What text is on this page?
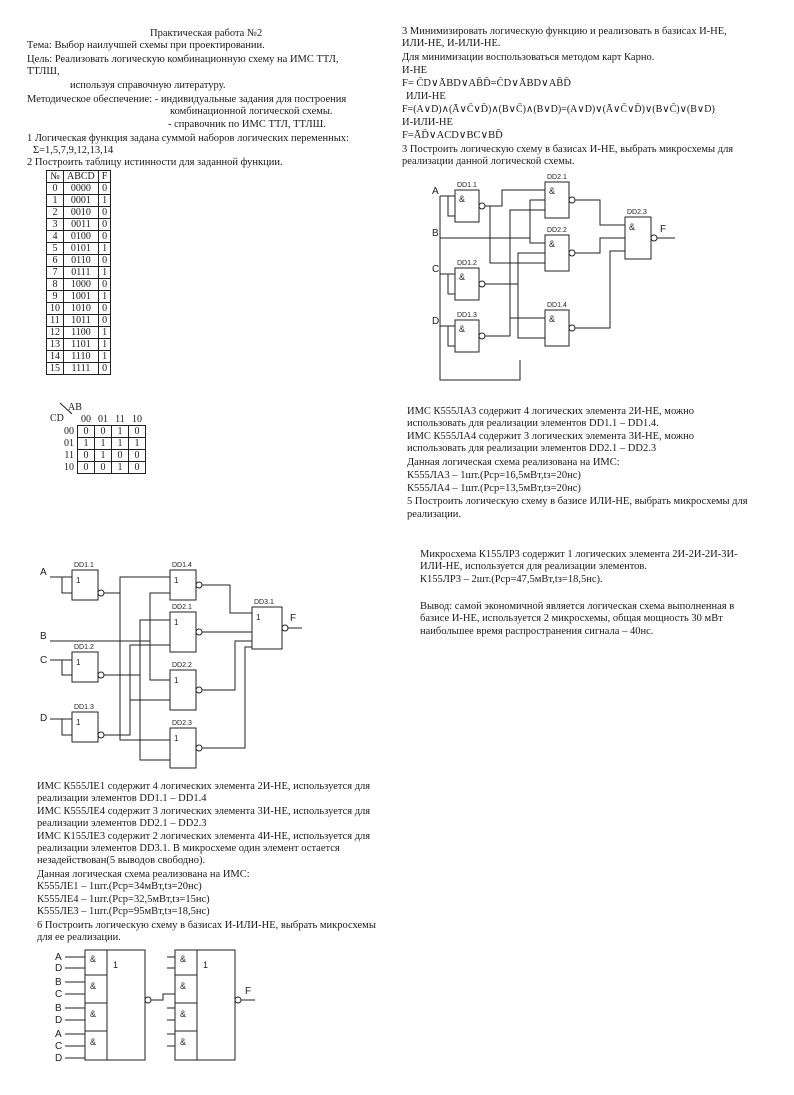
Практическая работа №2
Тема: Выбор наилучшей схемы при проектировании.
Цель: Реализовать логическую комбинационную схему на ИМС ТТЛ,
ТТЛШ,
используя справочную литературу.
Методическое обеспечение: - индивидуальные задания для построения
комбинационной логической схемы.
- справочник по ИМС ТТЛ, ТТЛШ.
1 Логическая функция задана суммой наборов логических переменных:
Σ=1,5,7,9,12,13,14
2 Построить таблицу истинности для заданной функции.
№	ABCD	F
0	0000	0
1	0001	1
2	0010	0
3	0011	0
4	0100	0
5	0101	1
6	0110	0
7	0111	1
8	1000	0
9	1001	1
10	1010	0
11	1011	0
12	1100	1
13	1101	1
14	1110	1
15	1111	0
AB
CD
	00	01	11	10
00	0	0	1	0
01	1	1	1	1
11	0	1	0	0
10	0	0	1	0
DD1.1	DD1.4
DD2.1
DD3.1
DD1.2
DD2.2
DD1.3
DD2.3
1	1
1
1
1
1
1
1
A
B
C
D
F
ИМС К555ЛЕ1 содержит 4 логических элемента 2И-НЕ, используется для
реализации элементов DD1.1 – DD1.4
ИМС К555ЛЕ4 содержит 3 логических элемента 3И-НЕ, используется для
реализации элементов DD2.1 – DD2.3
ИМС К155ЛЕ3 содержит 2 логических элемента 4И-НЕ, используется для
реализации элементов DD3.1. В микросхеме один элемент остается
незадействован(5 выводов свободно).
Данная логическая схема реализована на ИМС:
К555ЛЕ1 – 1шт.(Pср=34мВт,tз=20нс)
К555ЛЕ4 – 1шт.(Pср=32,5мВт,tз=15нс)
К555ЛЕ3 – 1шт.(Pср=95мВт,tз=18,5нс)
6 Построить логическую схему в базисах И-ИЛИ-НЕ, выбрать микросхемы
для ее реализации.
A
D
B
C
B
D
A
C
D
F
&
&
&
&
1
&
&
&
&
1
3 Минимизировать логическую функцию и реализовать в базисах И-НЕ,
ИЛИ-НЕ, И-ИЛИ-НЕ.
Для минимизации воспользоваться методом карт Карно.
И-НЕ
F= C̄D∨ĀBD∨AB̄D̄=C̄D∨ĀBD∨AB̄D̄
ИЛИ-НЕ
F=(A∨D)∧(Ā∨C̄∨D̄)∧(B∨C̄)∧(B∨D)=(A∨D)∨(Ā∨C̄∨D̄)∨(B∨C̄)∨(B∨D)
И-ИЛИ-НЕ
F=ĀD̄∨ACD∨BC∨BD̄
3 Построить логическую схему в базисах И-НЕ, выбрать микросхемы для
реализации данной логической схемы.
DD1.1
DD2.1
DD2.2
DD2.3
DD1.2
DD1.3
DD1.4
&
&
&
&
&
&
&
A
B
C
D
F
ИМС К555ЛА3 содержит 4 логических элемента 2И-НЕ, можно
использовать для реализации элементов DD1.1 – DD1.4.
ИМС К555ЛА4 содержит 3 логических элемента 3И-НЕ, можно
использовать для реализации элементов DD2.1 – DD2.3
Данная логическая схема реализована на ИМС:
К555ЛА3 – 1шт.(Pср=16,5мВт,tз=20нс)
К555ЛА4 – 1шт.(Pср=13,5мВт,tз=20нс)
5 Построить логическую схему в базисе ИЛИ-НЕ, выбрать микросхемы для
реализации.
Микросхема К155ЛР3 содержит 1 логических элемента 2И-2И-2И-3И-
ИЛИ-НЕ, используется для реализации элементов.
К155ЛР3 – 2шт.(Pср=47,5мВт,tз=18,5нс).
Вывод: самой экономичной является логическая схема выполненная в
базисе И-НЕ, используется 2 микросхемы, общая мощность 30 мВт
наибольшее время распространения сигнала – 40нс.
